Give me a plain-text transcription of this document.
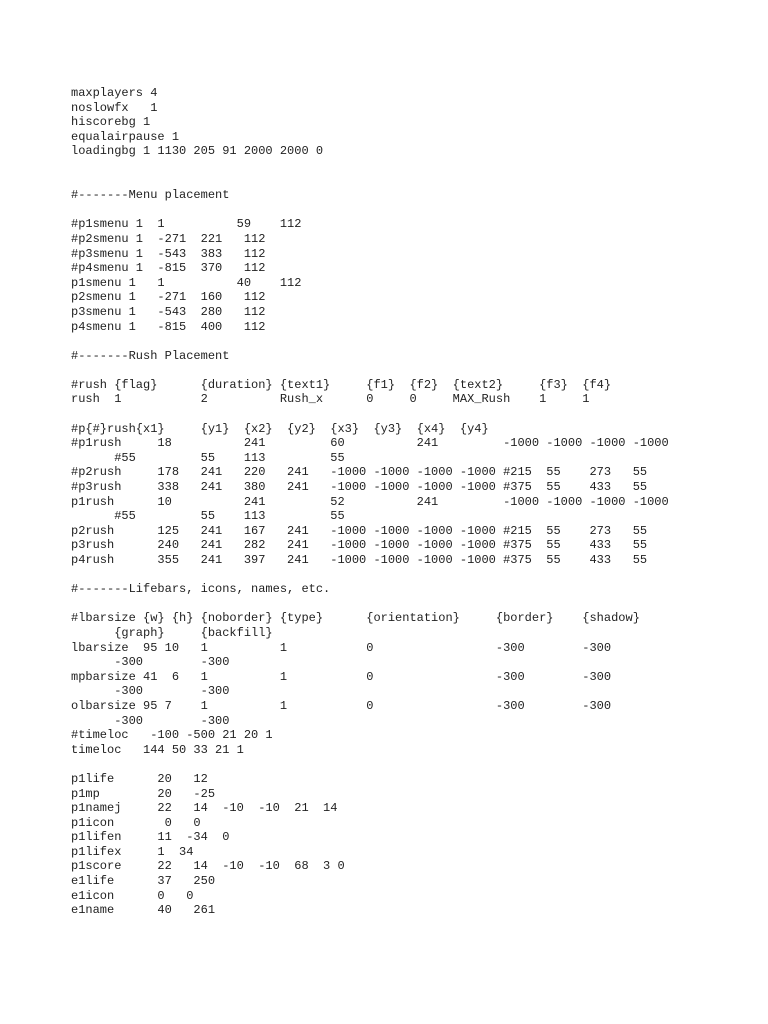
maxplayers 4
noslowfx   1
hiscorebg 1
equalairpause 1
loadingbg 1 1130 205 91 2000 2000 0
#-------Menu placement
#p1smenu 1  1          59    112
#p2smenu 1  -271  221   112
#p3smenu 1  -543  383   112
#p4smenu 1  -815  370   112
p1smenu 1   1          40    112
p2smenu 1   -271  160   112
p3smenu 1   -543  280   112
p4smenu 1   -815  400   112
#-------Rush Placement
#rush {flag}      {duration} {text1}     {f1}  {f2}  {text2}     {f3}  {f4}
rush  1           2          Rush_x      0     0     MAX_Rush    1     1
#p{#}rush{x1}     {y1}  {x2}  {y2}  {x3}  {y3}  {x4}  {y4}
#p1rush     18          241         60          241         -1000 -1000 -1000 -1000
#55         55    113         55
#p2rush     178   241   220   241   -1000 -1000 -1000 -1000 #215  55    273   55
#p3rush     338   241   380   241   -1000 -1000 -1000 -1000 #375  55    433   55
p1rush      10          241         52          241         -1000 -1000 -1000 -1000
#55         55    113         55
p2rush      125   241   167   241   -1000 -1000 -1000 -1000 #215  55    273   55
p3rush      240   241   282   241   -1000 -1000 -1000 -1000 #375  55    433   55
p4rush      355   241   397   241   -1000 -1000 -1000 -1000 #375  55    433   55
#-------Lifebars, icons, names, etc.
#lbarsize {w} {h} {noborder} {type}      {orientation}     {border}    {shadow}
{graph}     {backfill}
lbarsize  95 10   1          1           0                 -300        -300
-300        -300
mpbarsize 41  6   1          1           0                 -300        -300
-300        -300
olbarsize 95 7    1          1           0                 -300        -300
-300        -300
#timeloc   -100 -500 21 20 1
timeloc   144 50 33 21 1
p1life      20   12
p1mp        20   -25
p1namej     22   14  -10  -10  21  14
p1icon       0   0
p1lifen     11  -34  0
p1lifex     1  34
p1score     22   14  -10  -10  68  3 0
e1life      37   250
e1icon      0   0
e1name      40   261
